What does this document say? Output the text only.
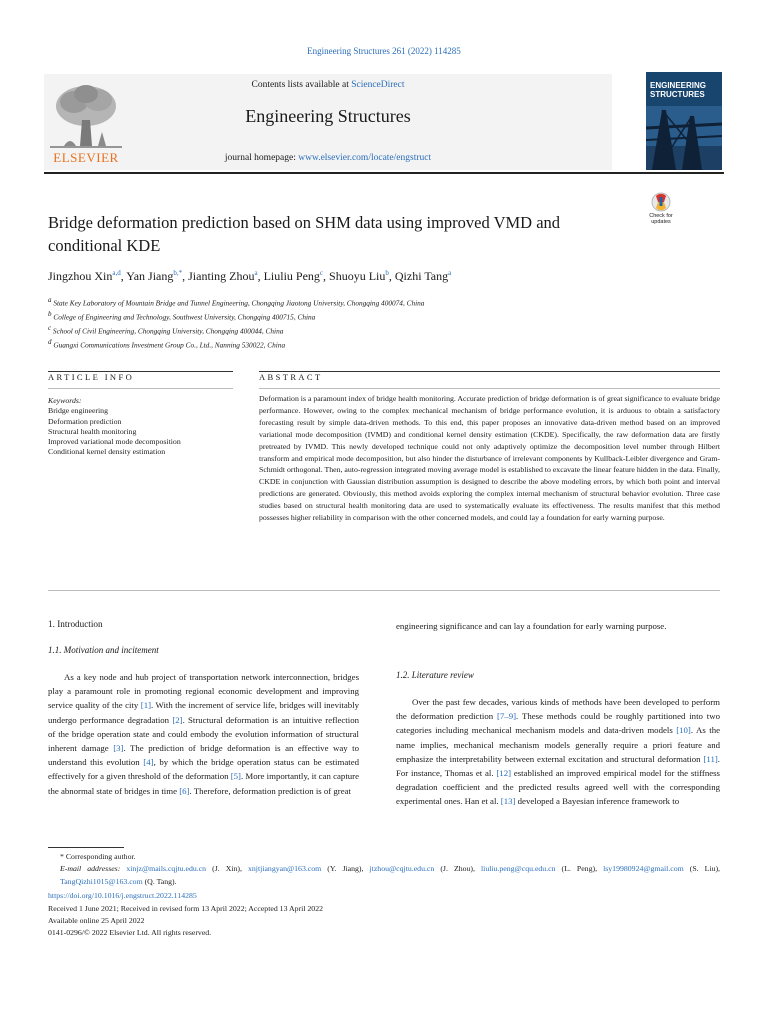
Engineering Structures 261 (2022) 114285
Contents lists available at ScienceDirect
Engineering Structures
journal homepage: www.elsevier.com/locate/engstruct
ELSEVIER
ENGINEERING
STRUCTURES
Check for
updates
Bridge deformation prediction based on SHM data using improved VMD and conditional KDE
Jingzhou Xin$^{a,d}$, Yan Jiang$^{b,*}$, Jianting Zhou$^a$, Liuliu Peng$^c$, Shuoyu Liu$^b$, Qizhi Tang$^a$
$^a$ State Key Laboratory of Mountain Bridge and Tunnel Engineering, Chongqing Jiaotong University, Chongqing 400074, China
$^b$ College of Engineering and Technology, Southwest University, Chongqing 400715, China
$^c$ School of Civil Engineering, Chongqing University, Chongqing 400044, China
$^d$ Guangxi Communications Investment Group Co., Ltd., Nanning 530022, China
ARTICLE INFO	ABSTRACT
Keywords:
Bridge engineering
Deformation prediction
Structural health monitoring
Improved variational mode decomposition
Conditional kernel density estimation
Deformation is a paramount index of bridge health monitoring. Accurate prediction of bridge deformation is of great significance to evaluate bridge performance. However, owing to the complex mechanical mechanism of bridge performance evolution, it is arduous to obtain a satisfactory forecasting result by simple data-driven methods. To this end, this paper proposes an innovative data-driven method based on an improved variational mode decomposition (IVMD) and conditional kernel density estimation (CKDE). Specifically, the raw deformation data are firstly pretreated by IVMD. This newly developed technique could not only adaptively optimize the decomposition level number through Hilbert transform and empirical mode decomposition, but also hinder the disturbance of irrelevant components by Kullback-Leibler divergence and Gram-Schmidt orthogonal. Then, auto-regression integrated moving average model is established to excavate the linear feature hidden in the data. Finally, CKDE in conjunction with Gaussian distribution assumption is designed to describe the above modeling errors, by which both point and interval predictions are generated. Obviously, this method avoids exploring the complex internal mechanism of structural behavior evolution. Three case studies based on structural health monitoring data are used to systematically evaluate its effectiveness. The results manifest that this method possesses higher reliability in comparison with the other concerned models, and could lay a foundation for early warning purpose.
1. Introduction
1.1. Motivation and incitement
As a key node and hub project of transportation network interconnection, bridges play a paramount role in promoting regional economic development and improving service quality of the city [1]. With the increment of service life, bridges will inevitably undergo performance degradation [2]. Structural deformation is an intuitive reflection of the bridge operation state and could embody the evolution information of structural inherent damage [3]. The prediction of bridge deformation is an effective way to understand this evolution [4], by which the bridge operation status can be estimated effectively for a given threshold of the deformation [5]. More importantly, it can capture the abnormal state of bridges in time [6]. Therefore, deformation prediction is of great
engineering significance and can lay a foundation for early warning purpose.
1.2. Literature review
Over the past few decades, various kinds of methods have been developed to perform the deformation prediction [7–9]. These methods could be roughly partitioned into two categories including mechanical mechanism models and data-driven models [10]. As the name implies, mechanical mechanism models generally require a priori feature and emphasize the interpretability between external excitation and structural deformation [11]. For instance, Thomas et al. [12] established an improved empirical model for the stiffness degradation coefficient and the predicted results agreed well with the corresponding experimental ones. Han et al. [13] developed a Bayesian inference framework to
* Corresponding author.
E-mail addresses: xinjz@mails.cqjtu.edu.cn (J. Xin), xnjtjiangyan@163.com (Y. Jiang), jtzhou@cqjtu.edu.cn (J. Zhou), liuliu.peng@cqu.edu.cn (L. Peng), lsy19980924@gmail.com (S. Liu), TangQizhi1015@163.com (Q. Tang).
https://doi.org/10.1016/j.engstruct.2022.114285
Received 1 June 2021; Received in revised form 13 April 2022; Accepted 13 April 2022
Available online 25 April 2022
0141-0296/© 2022 Elsevier Ltd. All rights reserved.
